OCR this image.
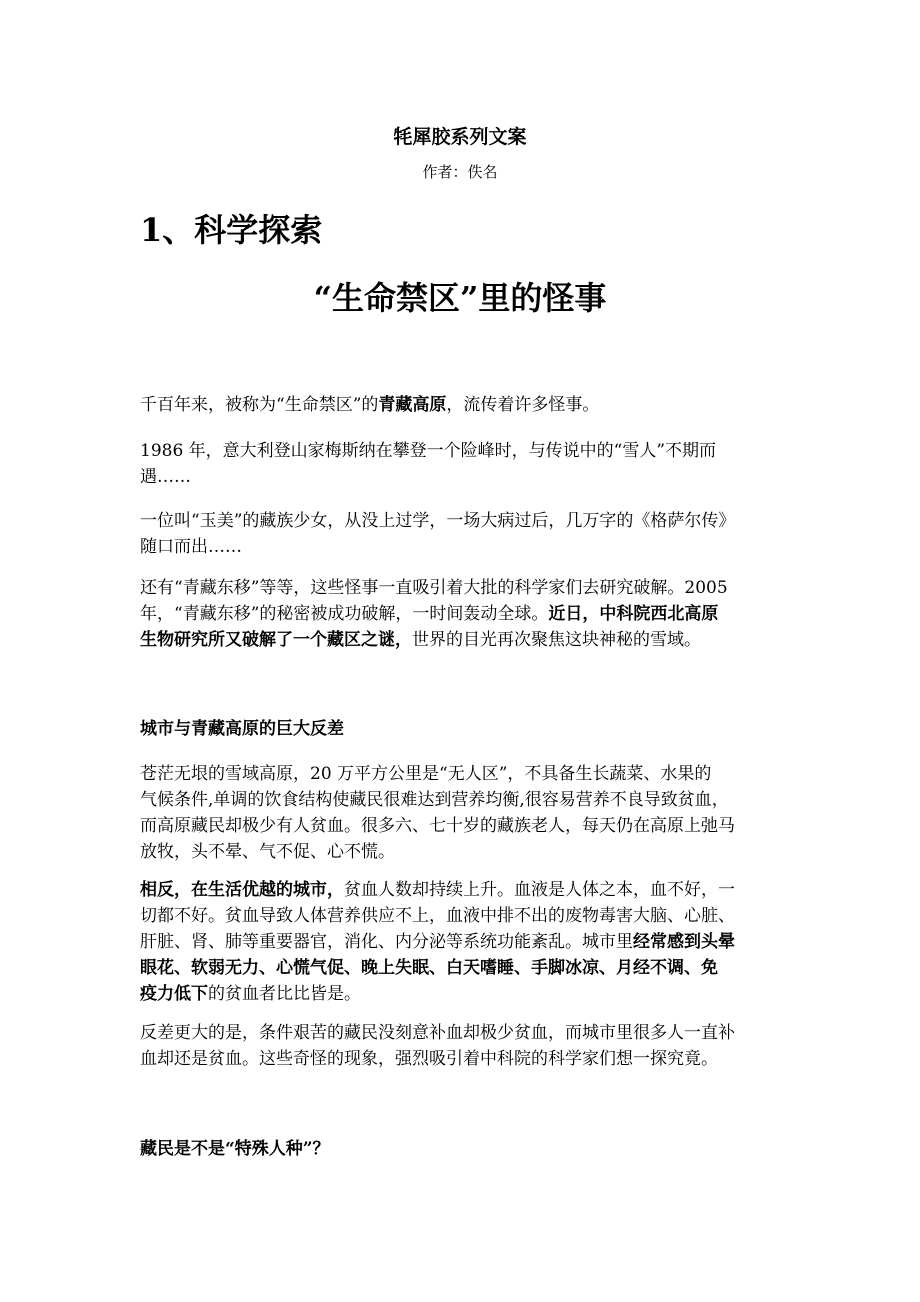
牦犀胶系列文案
作者：佚名
1、科学探索
“生命禁区”里的怪事
千百年来，被称为“生命禁区”的青藏高原，流传着许多怪事。
1986 年，意大利登山家梅斯纳在攀登一个险峰时，与传说中的“雪人”不期而
遇……
一位叫“玉美”的藏族少女，从没上过学，一场大病过后，几万字的《格萨尔传》
随口而出……
还有“青藏东移”等等，这些怪事一直吸引着大批的科学家们去研究破解。2005
年，“青藏东移”的秘密被成功破解，一时间轰动全球。近日，中科院西北高原
生物研究所又破解了一个藏区之谜，世界的目光再次聚焦这块神秘的雪域。
城市与青藏高原的巨大反差
苍茫无垠的雪域高原，20 万平方公里是“无人区”，不具备生长蔬菜、水果的
气候条件,单调的饮食结构使藏民很难达到营养均衡,很容易营养不良导致贫血，
而高原藏民却极少有人贫血。很多六、七十岁的藏族老人，每天仍在高原上弛马
放牧，头不晕、气不促、心不慌。
相反，在生活优越的城市，贫血人数却持续上升。血液是人体之本，血不好，一
切都不好。贫血导致人体营养供应不上，血液中排不出的废物毒害大脑、心脏、
肝脏、肾、肺等重要器官，消化、内分泌等系统功能紊乱。城市里经常感到头晕
眼花、软弱无力、心慌气促、晚上失眠、白天嗜睡、手脚冰凉、月经不调、免
疫力低下的贫血者比比皆是。
反差更大的是，条件艰苦的藏民没刻意补血却极少贫血，而城市里很多人一直补
血却还是贫血。这些奇怪的现象，强烈吸引着中科院的科学家们想一探究竟。
藏民是不是“特殊人种”？
